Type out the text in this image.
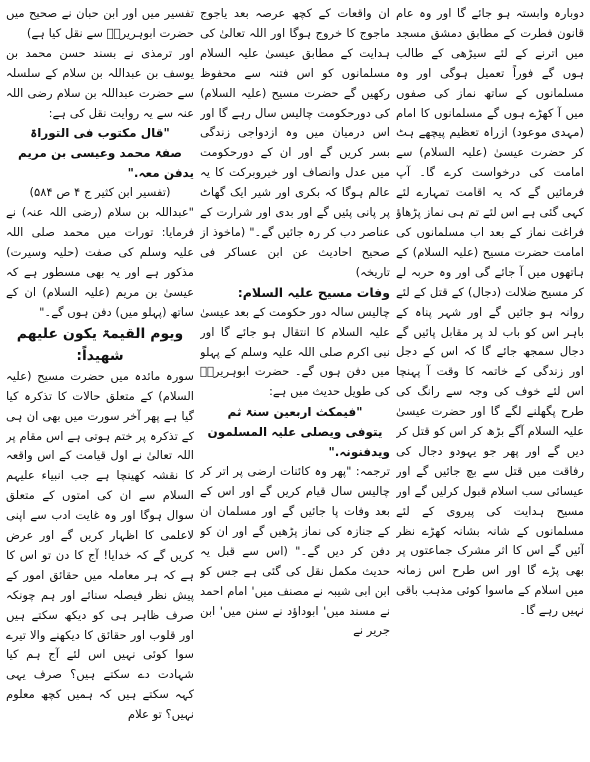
دوبارہ وابستہ ہو جائے گا اور وہ عام قانون فطرت کے مطابق دمشق مسجد میں اترنے کے لئے سیڑھی کے طالب ہوں گے فوراً تعمیل ہوگی اور وہ مسلمانوں کے ساتھ نماز کی صفوں میں آ کھڑے ہوں گے مسلمانوں کا امام (مہدی موعود) ازراہ تعظیم پیچھے ہٹ کر حضرت عیسیٰ (علیہ السلام) سے امامت کی درخواست کرے گا۔ آپ فرمائیں گے کہ یہ اقامت تمہارے لئے کہی گئی ہے اس لئے تم ہی نماز پڑھاؤ فراغت نماز کے بعد اب مسلمانوں کی امامت حضرت مسیح (علیہ السلام) کے ہاتھوں میں آ جائے گی اور وہ حربہ لے کر مسیح ضلالت (دجال) کے قتل کے لئے روانہ ہو جائیں گے اور شہر پناہ کے باہر اس کو باب لد پر مقابل پائیں گے دجال سمجھ جائے گا کہ اس کے دجل اور زندگی کے خاتمہ کا وقت آ پہنچا اس لئے خوف کی وجہ سے رانگ کی طرح پگھلنے لگے گا اور حضرت عیسیٰ علیہ السلام آگے بڑھ کر اس کو قتل کر دیں گے اور پھر جو یہودو دجال کی رفاقت میں قتل سے بچ جائیں گے اور عیسائی سب اسلام قبول کرلیں گے اور مسیح ہدایت کی پیروی کے لئے مسلمانوں کے شانہ بشانہ کھڑے نظر آئیں گے اس کا اثر مشرک جماعتوں پر بھی پڑے گا اور اس طرح اس زمانہ میں اسلام کے ماسوا کوئی مذہب باقی نہیں رہے گا۔

ان واقعات کے کچھ عرصہ بعد یاجوج ماجوج کا خروج ہوگا اور اللہ تعالیٰ کی ہدایت کے مطابق عیسیٰ علیہ السلام مسلمانوں کو اس فتنہ سے محفوظ رکھیں گے حضرت مسیح (علیہ السلام) کی دورحکومت چالیس سال رہے گا اور اس درمیان میں وہ ازدواجی زندگی بسر کریں گے اور ان کے دورحکومت میں عدل وانصاف اور خیروبرکت کا یہ عالم ہوگا کہ بکری اور شیر ایک گھاٹ پر پانی پئیں گے اور بدی اور شرارت کے عناصر دب کر رہ جائیں گے۔" (ماخوذ از صحیح احادیث عن ابن عساکر فی تاریخہ)

وفات مسیح علیہ السلام:

چالیس سالہ دور حکومت کے بعد عیسیٰ علیہ السلام کا انتقال ہو جائے گا اور نبی اکرم صلی اللہ علیہ وسلم کے پہلو میں دفن ہوں گے۔ حضرت ابوہریرہؓ کی طویل حدیث میں ہے:

"فیمکث اربعین سنۃ ثم

یتوفی ویصلی علیہ المسلمون

ویدفنونہ."

ترجمہ: "پھر وہ کائنات ارضی پر اتر کر چالیس سال قیام کریں گے اور اس کے بعد وفات پا جائیں گے اور مسلمان ان کے جنازہ کی نماز پڑھیں گے اور ان کو دفن کر دیں گے۔" (اس سے قبل یہ حدیث مکمل نقل کی گئی ہے جس کو ابن ابی شیبہ نے مصنف میں' امام احمد نے مسند میں' ابوداؤد نے سنن میں' ابن جریر نے

تفسیر میں اور ابن حبان نے صحیح میں حضرت ابوہریرہؓ سے نقل کیا ہے)

اور ترمذی نے بسند حسن محمد بن یوسف بن عبداللہ بن سلام کے سلسلہ سے حضرت عبداللہ بن سلام رضی اللہ عنہ سے یہ روایت نقل کی ہے:

"قال مکتوب فی التوراۃ

صفۃ محمد وعیسی بن مریم

یدفن معہ."

(تفسیر ابن کثیر ج ۴ ص ۵۸۴)

"عبداللہ بن سلام (رضی اللہ عنہ) نے فرمایا: تورات میں محمد صلی اللہ علیہ وسلم کی صفت (حلیہ وسیرت) مذکور ہے اور یہ بھی مسطور ہے کہ عیسیٰ بن مریم (علیہ السلام) ان کے ساتھ (پہلو میں) دفن ہوں گے۔"

ویوم القیمۃ یکون علیھم شھیداً:

سورہ مائدہ میں حضرت مسیح (علیہ السلام) کے متعلق حالات کا تذکرہ کیا گیا ہے پھر آخر سورت میں بھی ان ہی کے تذکرہ پر ختم ہوتی ہے اس مقام پر اللہ تعالیٰ نے اول قیامت کے اس واقعہ کا نقشہ کھینچا ہے جب انبیاء علیہم السلام سے ان کی امتوں کے متعلق سوال ہوگا اور وہ غایت ادب سے اپنی لاعلمی کا اظہار کریں گے اور عرض کریں گے کہ خدایا! آج کا دن تو اس کا ہے کہ ہر معاملہ میں حقائق امور کے پیش نظر فیصلہ سنائے اور ہم چونکہ صرف ظاہر ہی کو دیکھ سکتے ہیں اور قلوب اور حقائق کا دیکھنے والا تیرے سوا کوئی نہیں اس لئے آج ہم کیا شہادت دے سکتے ہیں؟ صرف یہی کہہ سکتے ہیں کہ ہمیں کچھ معلوم نہیں؟ تو علام
